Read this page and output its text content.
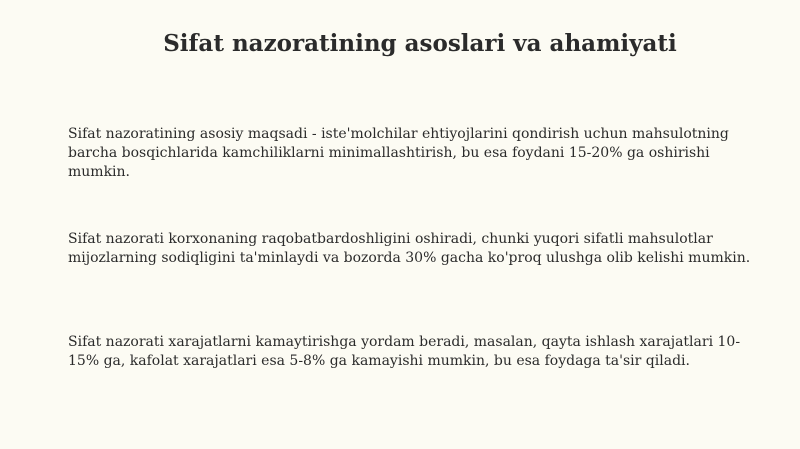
Sifat nazoratining asoslari va ahamiyati

Sifat nazoratining asosiy maqsadi - iste'molchilar ehtiyojlarini qondirish uchun mahsulotning barcha bosqichlarida kamchiliklarni minimallashtirish, bu esa foydani 15-20% ga oshirishi mumkin.

Sifat nazorati korxonaning raqobatbardoshligini oshiradi, chunki yuqori sifatli mahsulotlar mijozlarning sodiqligini ta'minlaydi va bozorda 30% gacha ko'proq ulushga olib kelishi mumkin.

Sifat nazorati xarajatlarni kamaytirishga yordam beradi, masalan, qayta ishlash xarajatlari 10-15% ga, kafolat xarajatlari esa 5-8% ga kamayishi mumkin, bu esa foydaga ta'sir qiladi.
